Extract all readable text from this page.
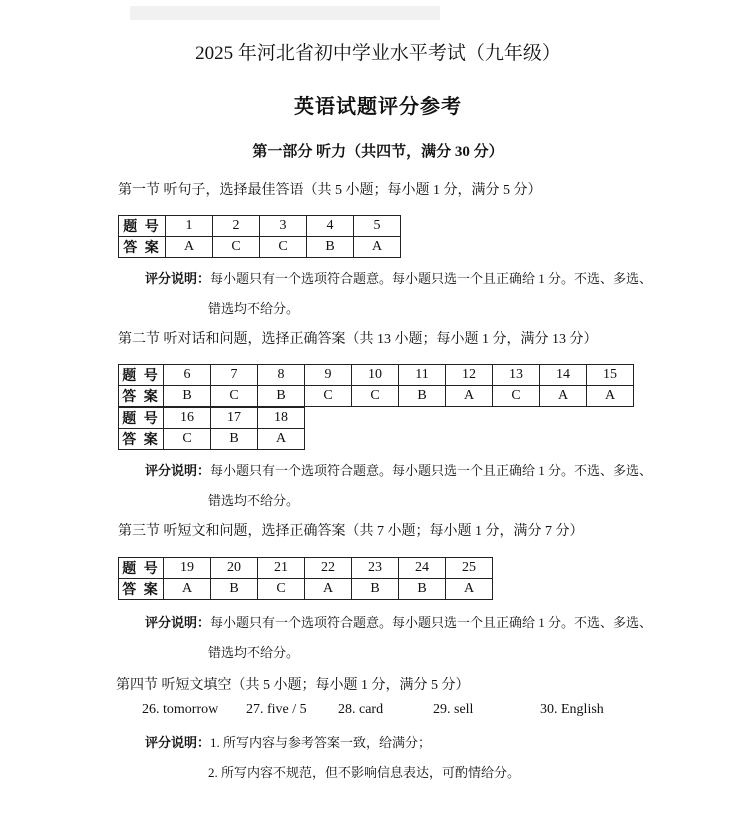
2025 年河北省初中学业水平考试（九年级）
英语试题评分参考
第一部分 听力（共四节，满分 30 分）
第一节 听句子，选择最佳答语（共 5 小题；每小题 1 分，满分 5 分）
题 号	1	2	3	4	5
答 案	A	C	C	B	A
评分说明：每小题只有一个选项符合题意。每小题只选一个且正确给 1 分。不选、多选、
错选均不给分。
第二节 听对话和问题，选择正确答案（共 13 小题；每小题 1 分，满分 13 分）
题 号	6	7	8	9	10	11	12	13	14	15
答 案	B	C	B	C	C	B	A	C	A	A
题 号	16	17	18
答 案	C	B	A
评分说明：每小题只有一个选项符合题意。每小题只选一个且正确给 1 分。不选、多选、
错选均不给分。
第三节 听短文和问题，选择正确答案（共 7 小题；每小题 1 分，满分 7 分）
题 号	19	20	21	22	23	24	25
答 案	A	B	C	A	B	B	A
评分说明：每小题只有一个选项符合题意。每小题只选一个且正确给 1 分。不选、多选、
错选均不给分。
第四节 听短文填空（共 5 小题；每小题 1 分，满分 5 分）
26. tomorrow 27. five / 5 28. card	29. sell	30. English
评分说明：1. 所写内容与参考答案一致，给满分；
2. 所写内容不规范，但不影响信息表达，可酌情给分。
